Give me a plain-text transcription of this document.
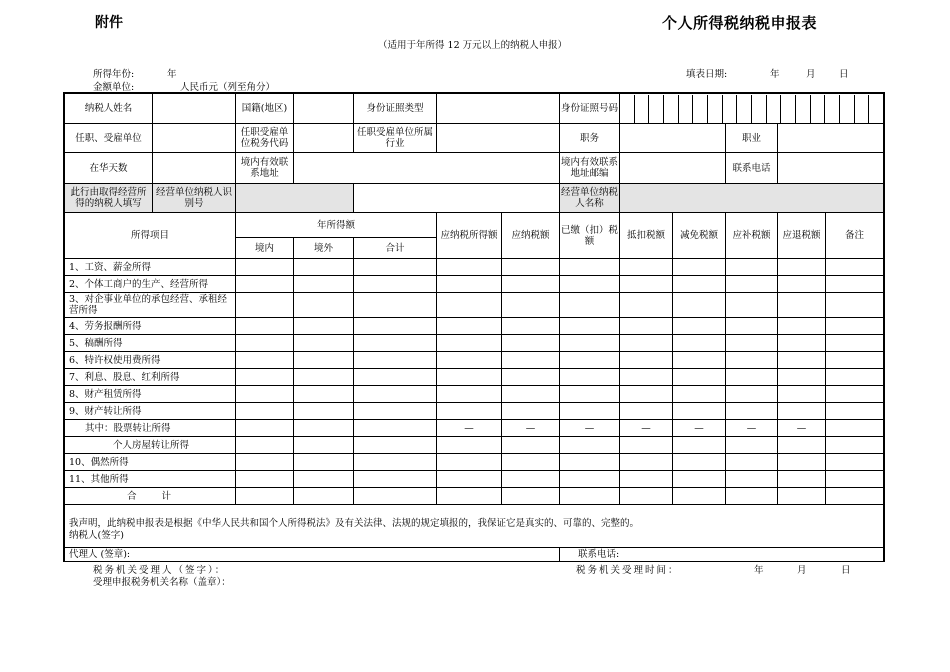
附件	个人所得税纳税申报表
（适用于年所得 12 万元以上的纳税人申报）
所得年份:	年	填表日期:	年	月 日
金额单位:	人民币元（列至角分）
纳税人姓名		国籍(地区)		身份证照类型			身份证照号码					

任职、受雇单位		任职受雇单位税务代码		任职受雇单位所属行业			职务			职业		
在华天数		境内有效联系地址					境内有效联系地址邮编			联系电话		
此行由取得经营所得的纳税人填写	经营单位纳税人识别号						经营单位纳税人名称					
所得项目		年所得额			应纳税所得额	应纳税额	已缴（扣）税额	抵扣税额	减免税额	应补税额	应退税额	备注
		境内	境外	合计								
1、工资、薪金所得												
2、个体工商户的生产、经营所得												
3、对企事业单位的承包经营、承租经营所得												
4、劳务报酬所得												
5、稿酬所得												
6、特许权使用费所得												
7、利息、股息、红利所得												
8、财产租赁所得												
9、财产转让所得												
其中：股票转让所得					—	—	—	—	—	—	—	
个人房屋转让所得												
10、偶然所得												
11、其他所得												
合　　计												

我声明，此纳税申报表是根据《中华人民共和国个人所得税法》及有关法律、法规的规定填报的，我保证它是真实的、可靠的、完整的。
纳税人(签字)												

代理人 (签章):							联系电话:					
税务机关受理人（签字）：	税务机关受理时间：	年	月	日
受理申报税务机关名称（盖章）：
